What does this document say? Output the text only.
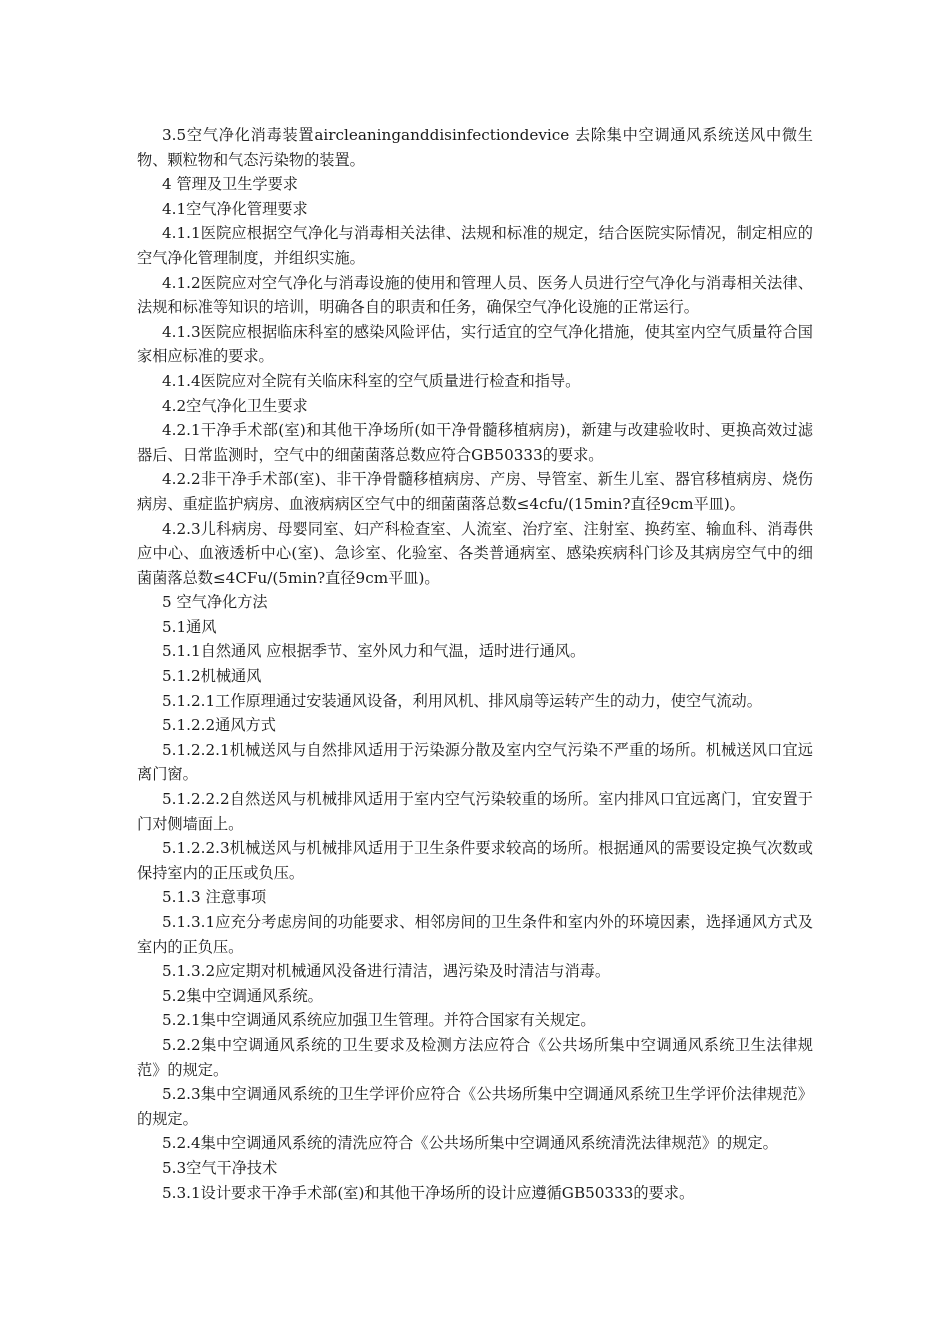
3.5空气净化消毒装置aircleaninganddisinfectiondevice 去除集中空调通风系统送风中微生物、颗粒物和气态污染物的装置。

4 管理及卫生学要求

4.1空气净化管理要求

4.1.1医院应根据空气净化与消毒相关法律、法规和标准的规定，结合医院实际情况，制定相应的空气净化管理制度，并组织实施。

4.1.2医院应对空气净化与消毒设施的使用和管理人员、医务人员进行空气净化与消毒相关法律、法规和标准等知识的培训，明确各自的职责和任务，确保空气净化设施的正常运行。

4.1.3医院应根据临床科室的感染风险评估，实行适宜的空气净化措施，使其室内空气质量符合国家相应标准的要求。

4.1.4医院应对全院有关临床科室的空气质量进行检查和指导。

4.2空气净化卫生要求

4.2.1干净手术部(室)和其他干净场所(如干净骨髓移植病房)，新建与改建验收时、更换高效过滤器后、日常监测时，空气中的细菌菌落总数应符合GB50333的要求。

4.2.2非干净手术部(室)、非干净骨髓移植病房、产房、导管室、新生儿室、器官移植病房、烧伤病房、重症监护病房、血液病病区空气中的细菌菌落总数≤4cfu/(15min?直径9cm平皿)。

4.2.3儿科病房、母婴同室、妇产科检查室、人流室、治疗室、注射室、换药室、输血科、消毒供应中心、血液透析中心(室)、急诊室、化验室、各类普通病室、感染疾病科门诊及其病房空气中的细菌菌落总数≤4CFu/(5min?直径9cm平皿)。

5 空气净化方法

5.1通风

5.1.1自然通风 应根据季节、室外风力和气温，适时进行通风。

5.1.2机械通风

5.1.2.1工作原理通过安装通风设备，利用风机、排风扇等运转产生的动力，使空气流动。

5.1.2.2通风方式

5.1.2.2.1机械送风与自然排风适用于污染源分散及室内空气污染不严重的场所。机械送风口宜远离门窗。

5.1.2.2.2自然送风与机械排风适用于室内空气污染较重的场所。室内排风口宜远离门，宜安置于门对侧墙面上。

5.1.2.2.3机械送风与机械排风适用于卫生条件要求较高的场所。根据通风的需要设定换气次数或保持室内的正压或负压。

5.1.3 注意事项

5.1.3.1应充分考虑房间的功能要求、相邻房间的卫生条件和室内外的环境因素，选择通风方式及室内的正负压。

5.1.3.2应定期对机械通风没备进行清洁，遇污染及时清洁与消毒。

5.2集中空调通风系统。

5.2.1集中空调通风系统应加强卫生管理。并符合国家有关规定。

5.2.2集中空调通风系统的卫生要求及检测方法应符合《公共场所集中空调通风系统卫生法律规范》的规定。

5.2.3集中空调通风系统的卫生学评价应符合《公共场所集中空调通风系统卫生学评价法律规范》的规定。

5.2.4集中空调通风系统的清洗应符合《公共场所集中空调通风系统清洗法律规范》的规定。

5.3空气干净技术

5.3.1设计要求干净手术部(室)和其他干净场所的设计应遵循GB50333的要求。
